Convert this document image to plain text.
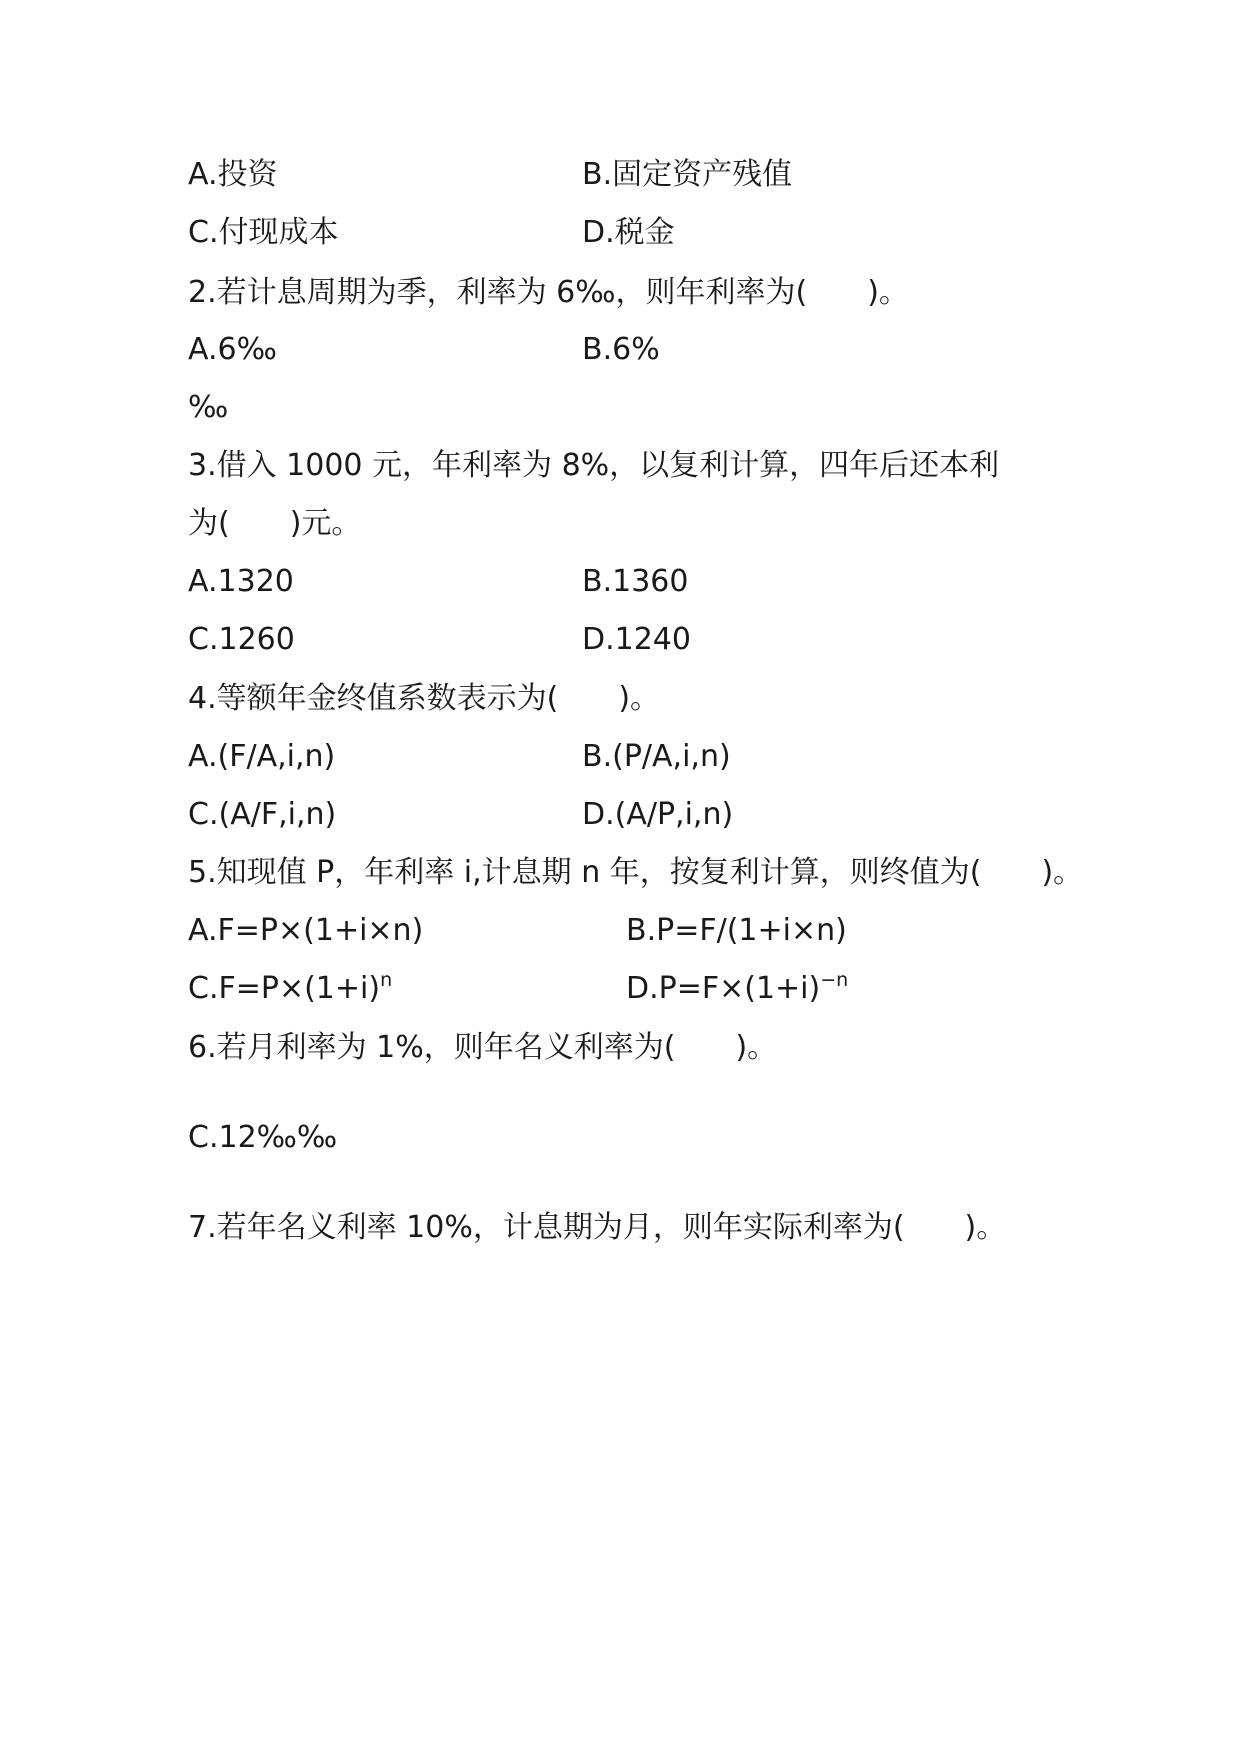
A.投资	B.固定资产残值
C.付现成本	D.税金
2.若计息周期为季，利率为 6‰，则年利率为(　　)。
A.6‰	B.6%
‰
3.借入 1000 元，年利率为 8%，以复利计算，四年后还本利
为(　　)元。
A.1320	B.1360
C.1260	D.1240
4.等额年金终值系数表示为(　　)。
A.(F/A,i,n)	B.(P/A,i,n)
C.(A/F,i,n)	D.(A/P,i,n)
5.知现值 P，年利率 i,计息期 n 年，按复利计算，则终值为(　　)。
A.F=P×(1+i×n)	B.P=F/(1+i×n)
$C.F=P\times(1+i)^n$	$D.P=F\times(1+i)^{-n}$
6.若月利率为 1%，则年名义利率为(　　)。
C.12‰‰
7.若年名义利率 10%，计息期为月，则年实际利率为(　　)。
